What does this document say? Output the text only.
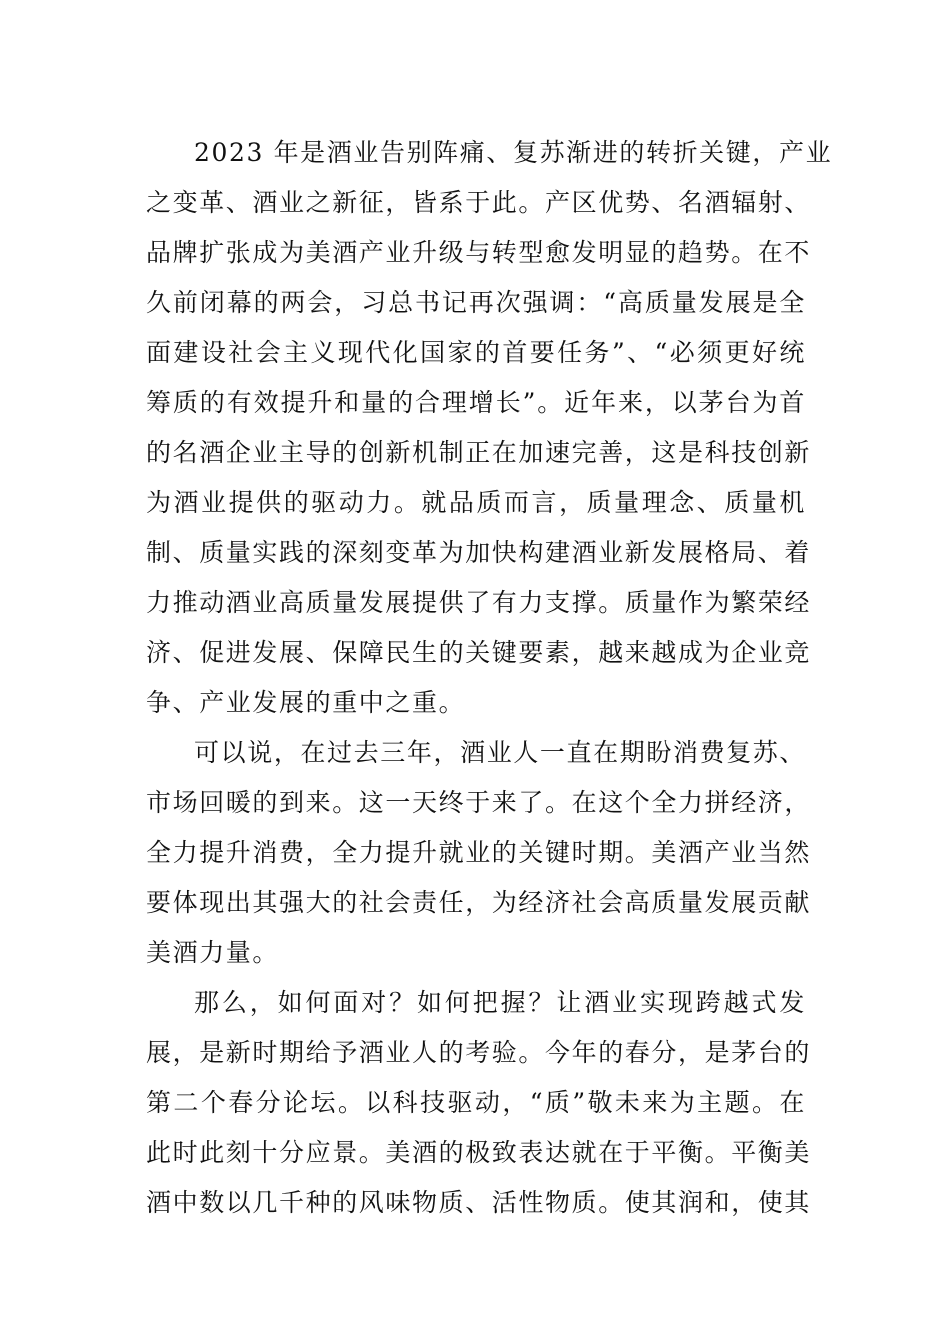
2023 年是酒业告别阵痛、复苏渐进的转折关键，产业
之变革、酒业之新征，皆系于此。产区优势、名酒辐射、
品牌扩张成为美酒产业升级与转型愈发明显的趋势。在不
久前闭幕的两会，习总书记再次强调：“高质量发展是全
面建设社会主义现代化国家的首要任务”、“必须更好统
筹质的有效提升和量的合理增长”。近年来，以茅台为首
的名酒企业主导的创新机制正在加速完善，这是科技创新
为酒业提供的驱动力。就品质而言，质量理念、质量机
制、质量实践的深刻变革为加快构建酒业新发展格局、着
力推动酒业高质量发展提供了有力支撑。质量作为繁荣经
济、促进发展、保障民生的关键要素，越来越成为企业竞
争、产业发展的重中之重。
可以说，在过去三年，酒业人一直在期盼消费复苏、
市场回暖的到来。这一天终于来了。在这个全力拼经济，
全力提升消费，全力提升就业的关键时期。美酒产业当然
要体现出其强大的社会责任，为经济社会高质量发展贡献
美酒力量。
那么，如何面对？如何把握？让酒业实现跨越式发
展，是新时期给予酒业人的考验。今年的春分，是茅台的
第二个春分论坛。以科技驱动，“质”敬未来为主题。在
此时此刻十分应景。美酒的极致表达就在于平衡。平衡美
酒中数以几千种的风味物质、活性物质。使其润和，使其
